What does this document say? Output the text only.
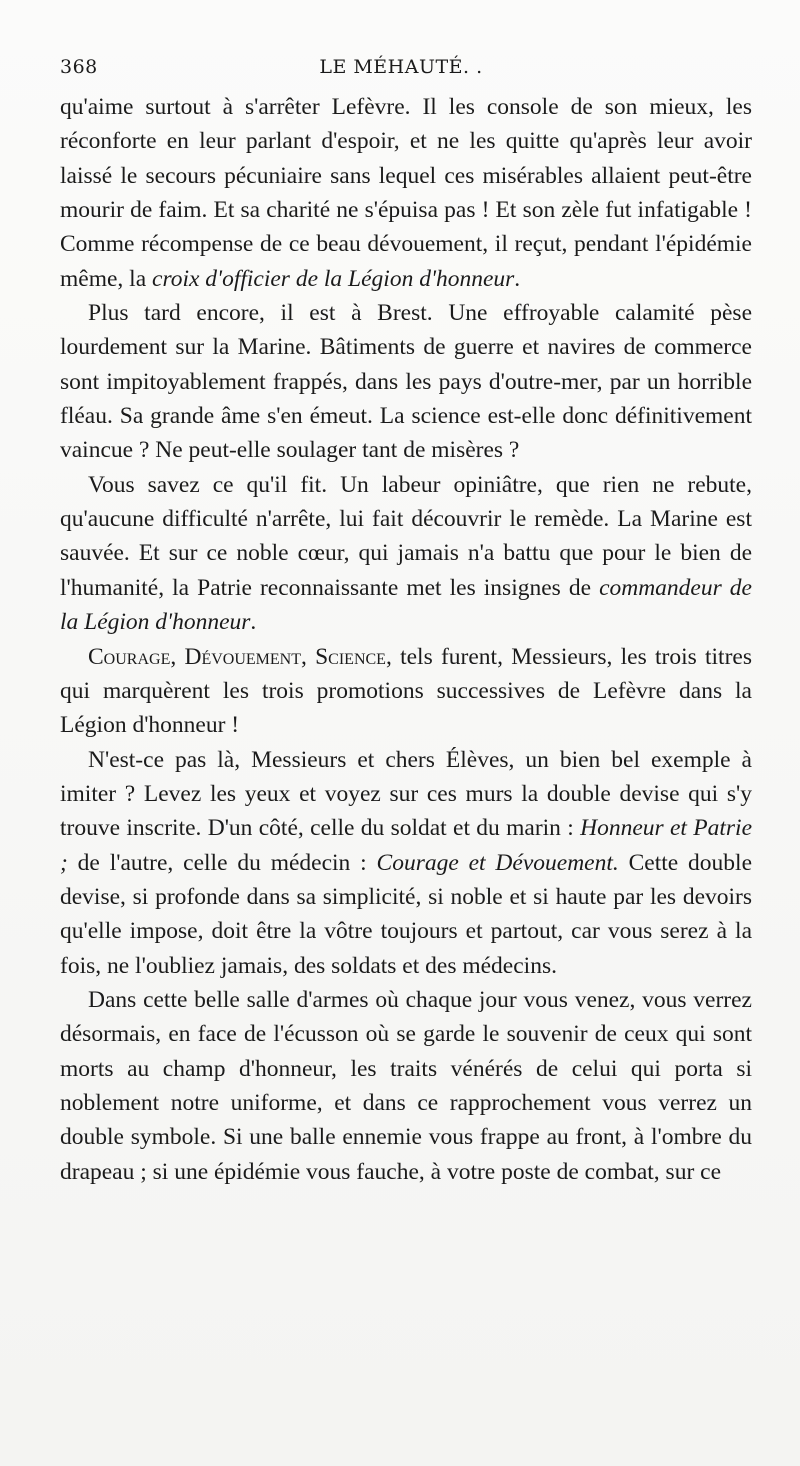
368	LE MÉHAUTÉ. .

qu'aime surtout à s'arrêter Lefèvre. Il les console de son mieux, les réconforte en leur parlant d'espoir, et ne les quitte qu'après leur avoir laissé le secours pécuniaire sans lequel ces misérables allaient peut-être mourir de faim. Et sa charité ne s'épuisa pas ! Et son zèle fut infatigable ! Comme récompense de ce beau dévouement, il reçut, pendant l'épidémie même, la croix d'officier de la Légion d'honneur.

Plus tard encore, il est à Brest. Une effroyable calamité pèse lourdement sur la Marine. Bâtiments de guerre et navires de commerce sont impitoyablement frappés, dans les pays d'outre-mer, par un horrible fléau. Sa grande âme s'en émeut. La science est-elle donc définitivement vaincue ? Ne peut-elle soulager tant de misères ?

Vous savez ce qu'il fit. Un labeur opiniâtre, que rien ne rebute, qu'aucune difficulté n'arrête, lui fait découvrir le remède. La Marine est sauvée. Et sur ce noble cœur, qui jamais n'a battu que pour le bien de l'humanité, la Patrie reconnaissante met les insignes de commandeur de la Légion d'honneur.

Courage, Dévouement, Science, tels furent, Messieurs, les trois titres qui marquèrent les trois promotions successives de Lefèvre dans la Légion d'honneur !

N'est-ce pas là, Messieurs et chers Élèves, un bien bel exemple à imiter ? Levez les yeux et voyez sur ces murs la double devise qui s'y trouve inscrite. D'un côté, celle du soldat et du marin : Honneur et Patrie ; de l'autre, celle du médecin : Courage et Dévouement. Cette double devise, si profonde dans sa simplicité, si noble et si haute par les devoirs qu'elle impose, doit être la vôtre toujours et partout, car vous serez à la fois, ne l'oubliez jamais, des soldats et des médecins.

Dans cette belle salle d'armes où chaque jour vous venez, vous verrez désormais, en face de l'écusson où se garde le souvenir de ceux qui sont morts au champ d'honneur, les traits vénérés de celui qui porta si noblement notre uniforme, et dans ce rapprochement vous verrez un double symbole. Si une balle ennemie vous frappe au front, à l'ombre du drapeau ; si une épidémie vous fauche, à votre poste de combat, sur ce
